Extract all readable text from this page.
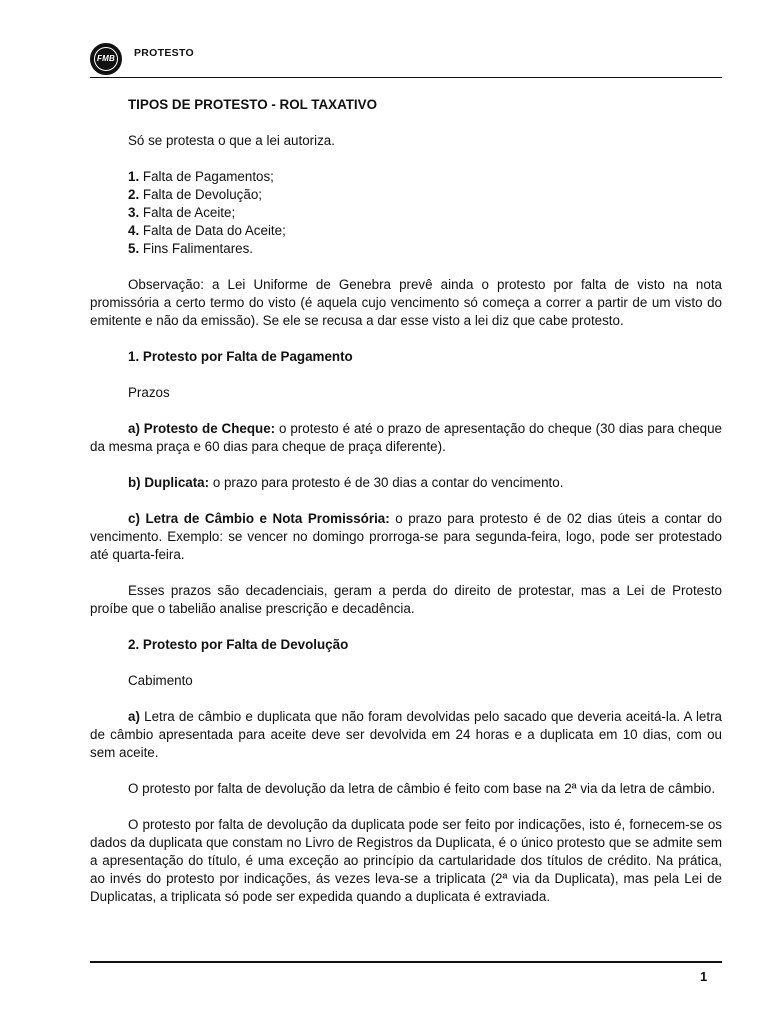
FMB	PROTESTO

TIPOS DE PROTESTO - ROL TAXATIVO

Só se protesta o que a lei autoriza.

1. Falta de Pagamentos;

2. Falta de Devolução;

3. Falta de Aceite;

4. Falta de Data do Aceite;

5. Fins Falimentares.

Observação: a Lei Uniforme de Genebra prevê ainda o protesto por falta de visto na nota promissória a certo termo do visto (é aquela cujo vencimento só começa a correr a partir de um visto do emitente e não da emissão). Se ele se recusa a dar esse visto a lei diz que cabe protesto.

1. Protesto por Falta de Pagamento

Prazos

a) Protesto de Cheque: o protesto é até o prazo de apresentação do cheque (30 dias para cheque da mesma praça e 60 dias para cheque de praça diferente).

b) Duplicata: o prazo para protesto é de 30 dias a contar do vencimento.

c) Letra de Câmbio e Nota Promissória: o prazo para protesto é de 02 dias úteis a contar do vencimento. Exemplo: se vencer no domingo prorroga-se para segunda-feira, logo, pode ser protestado até quarta-feira.

Esses prazos são decadenciais, geram a perda do direito de protestar, mas a Lei de Protesto proíbe que o tabelião analise prescrição e decadência.

2. Protesto por Falta de Devolução

Cabimento

a) Letra de câmbio e duplicata que não foram devolvidas pelo sacado que deveria aceitá-la. A letra de câmbio apresentada para aceite deve ser devolvida em 24 horas e a duplicata em 10 dias, com ou sem aceite.

O protesto por falta de devolução da letra de câmbio é feito com base na 2ª via da letra de câmbio.

O protesto por falta de devolução da duplicata pode ser feito por indicações, isto é, fornecem-se os dados da duplicata que constam no Livro de Registros da Duplicata, é o único protesto que se admite sem a apresentação do título, é uma exceção ao princípio da cartularidade dos títulos de crédito. Na prática, ao invés do protesto por indicações, ás vezes leva-se a triplicata (2ª via da Duplicata), mas pela Lei de Duplicatas, a triplicata só pode ser expedida quando a duplicata é extraviada.

1
